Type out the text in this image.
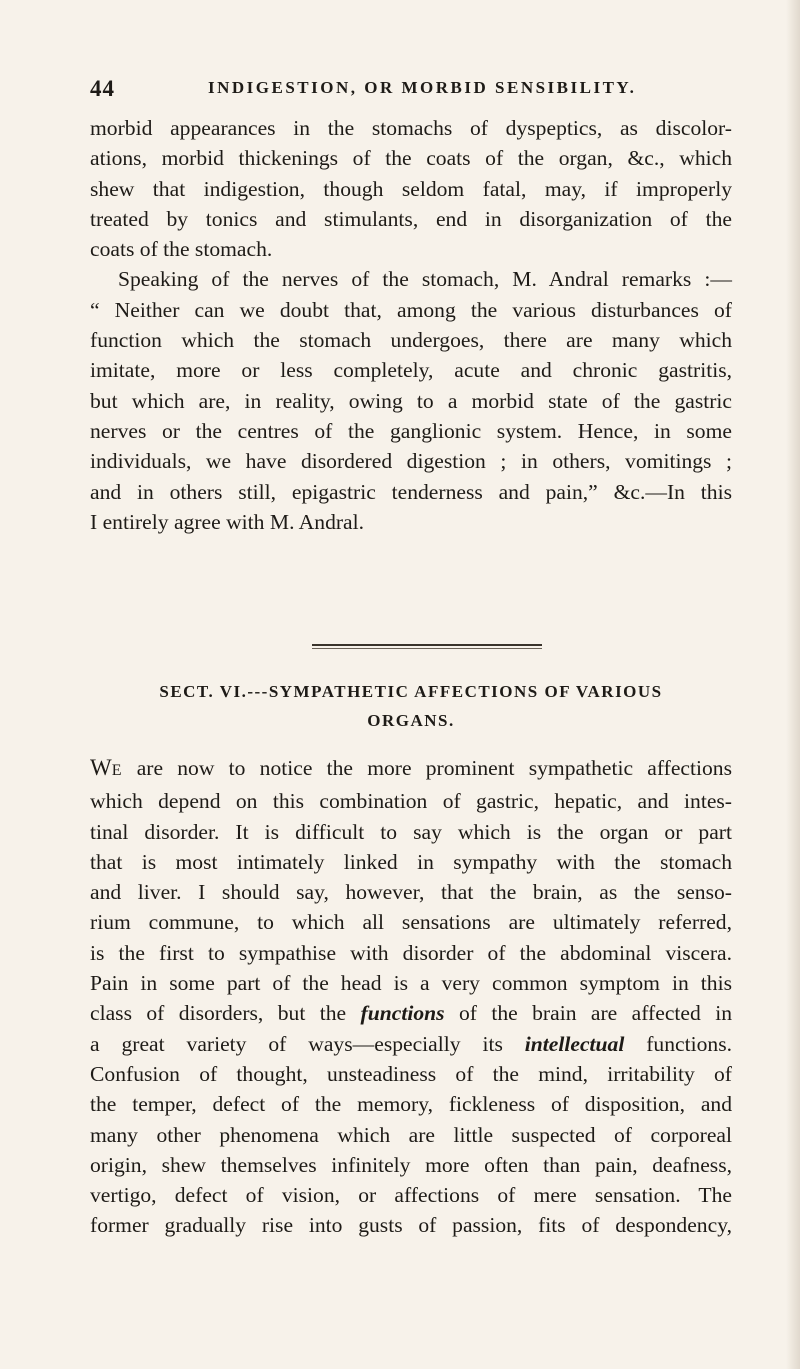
44	INDIGESTION, OR MORBID SENSIBILITY.
morbid appearances in the stomachs of dyspeptics, as discolor-
ations, morbid thickenings of the coats of the organ, &c., which
shew that indigestion, though seldom fatal, may, if improperly
treated by tonics and stimulants, end in disorganization of the
coats of the stomach.
Speaking of the nerves of the stomach, M. Andral remarks :—
“ Neither can we doubt that, among the various disturbances of
function which the stomach undergoes, there are many which
imitate, more or less completely, acute and chronic gastritis,
but which are, in reality, owing to a morbid state of the gastric
nerves or the centres of the ganglionic system. Hence, in some
individuals, we have disordered digestion ; in others, vomitings ;
and in others still, epigastric tenderness and pain,” &c.—In this
I entirely agree with M. Andral.
SECT. VI.---SYMPATHETIC AFFECTIONS OF VARIOUS
ORGANS.
WE are now to notice the more prominent sympathetic affections
which depend on this combination of gastric, hepatic, and intes-
tinal disorder. It is difficult to say which is the organ or part
that is most intimately linked in sympathy with the stomach
and liver. I should say, however, that the brain, as the senso-
rium commune, to which all sensations are ultimately referred,
is the first to sympathise with disorder of the abdominal viscera.
Pain in some part of the head is a very common symptom in this
class of disorders, but the functions of the brain are affected in
a great variety of ways—especially its intellectual functions.
Confusion of thought, unsteadiness of the mind, irritability of
the temper, defect of the memory, fickleness of disposition, and
many other phenomena which are little suspected of corporeal
origin, shew themselves infinitely more often than pain, deafness,
vertigo, defect of vision, or affections of mere sensation. The
former gradually rise into gusts of passion, fits of despondency,
